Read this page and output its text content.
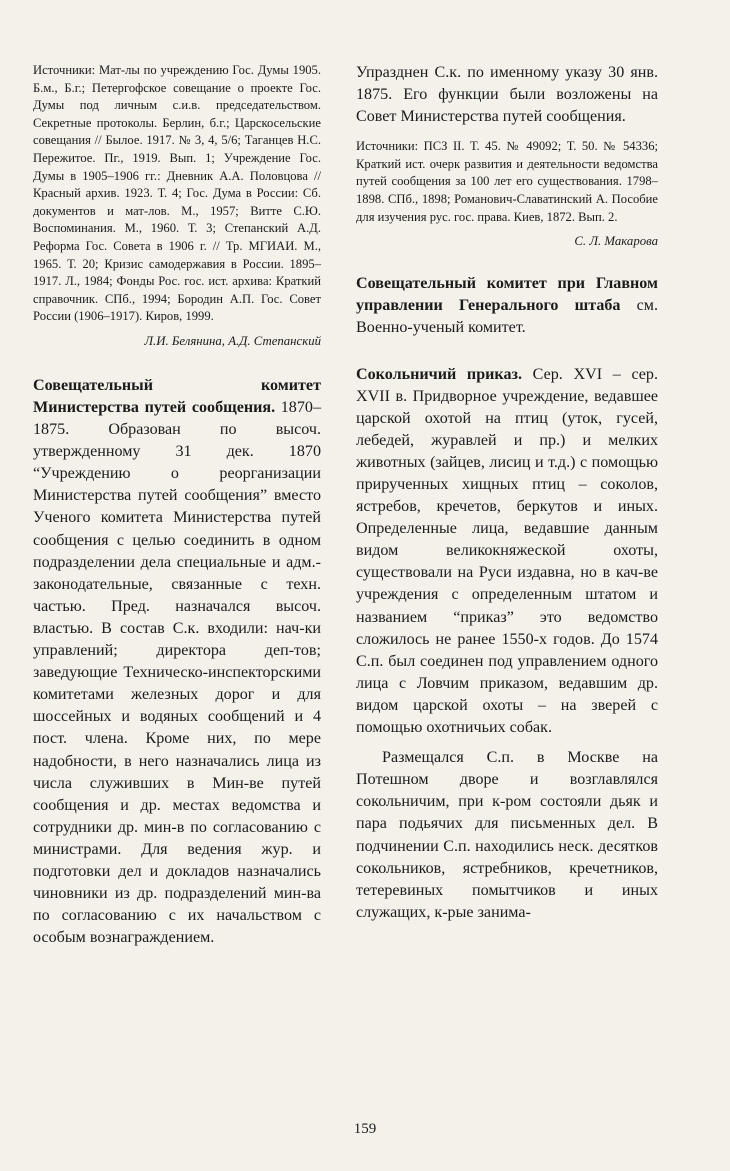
Источники: Мат-лы по учреждению Гос. Думы 1905. Б.м., Б.г.; Петергофское совещание о проекте Гос. Думы под личным с.и.в. председательством. Секретные протоколы. Берлин, б.г.; Царскосельские совещания // Былое. 1917. № 3, 4, 5/6; Таганцев Н.С. Пережитое. Пг., 1919. Вып. 1; Учреждение Гос. Думы в 1905–1906 гг.: Дневник А.А. Половцова // Красный архив. 1923. Т. 4; Гос. Дума в России: Сб. документов и мат-лов. М., 1957; Витте С.Ю. Воспоминания. М., 1960. Т. 3; Степанский А.Д. Реформа Гос. Совета в 1906 г. // Тр. МГИАИ. М., 1965. Т. 20; Кризис самодержавия в России. 1895–1917. Л., 1984; Фонды Рос. гос. ист. архива: Краткий справочник. СПб., 1994; Бородин А.П. Гос. Совет России (1906–1917). Киров, 1999.

Л.И. Белянина, А.Д. Степанский

Совещательный комитет Министерства путей сообщения. 1870–1875. Образован по высоч. утвержденному 31 дек. 1870 “Учреждению о реорганизации Министерства путей сообщения” вместо Ученого комитета Министерства путей сообщения с целью соединить в одном подразделении дела специальные и адм.-законодательные, связанные с техн. частью. Пред. назначался высоч. властью. В состав С.к. входили: нач-ки управлений; директора деп-тов; заведующие Техническо-инспекторскими комитетами железных дорог и для шоссейных и водяных сообщений и 4 пост. члена. Кроме них, по мере надобности, в него назначались лица из числа служивших в Мин-ве путей сообщения и др. местах ведомства и сотрудники др. мин-в по согласованию с министрами. Для ведения жур. и подготовки дел и докладов назначались чиновники из др. подразделений мин-ва по согласованию с их начальством с особым вознаграждением.

Упразднен С.к. по именному указу 30 янв. 1875. Его функции были возложены на Совет Министерства путей сообщения.

Источники: ПСЗ II. Т. 45. № 49092; Т. 50. № 54336; Краткий ист. очерк развития и деятельности ведомства путей сообщения за 100 лет его существования. 1798–1898. СПб., 1898; Романович-Славатинский А. Пособие для изучения рус. гос. права. Киев, 1872. Вып. 2.

С. Л. Макарова

Совещательный комитет при Главном управлении Генерального штаба см. Военно-ученый комитет.

Сокольничий приказ. Сер. XVI – сер. XVII в. Придворное учреждение, ведавшее царской охотой на птиц (уток, гусей, лебедей, журавлей и пр.) и мелких животных (зайцев, лисиц и т.д.) с помощью прирученных хищных птиц – соколов, ястребов, кречетов, беркутов и иных. Определенные лица, ведавшие данным видом великокняжеской охоты, существовали на Руси издавна, но в кач-ве учреждения с определенным штатом и названием “приказ” это ведомство сложилось не ранее 1550-х годов. До 1574 С.п. был соединен под управлением одного лица с Ловчим приказом, ведавшим др. видом царской охоты – на зверей с помощью охотничьих собак.

Размещался С.п. в Москве на Потешном дворе и возглавлялся сокольничим, при к-ром состояли дьяк и пара подьячих для письменных дел. В подчинении С.п. находились неск. десятков сокольников, ястребников, кречетников, тетеревиных помытчиков и иных служащих, к-рые занима-

159
